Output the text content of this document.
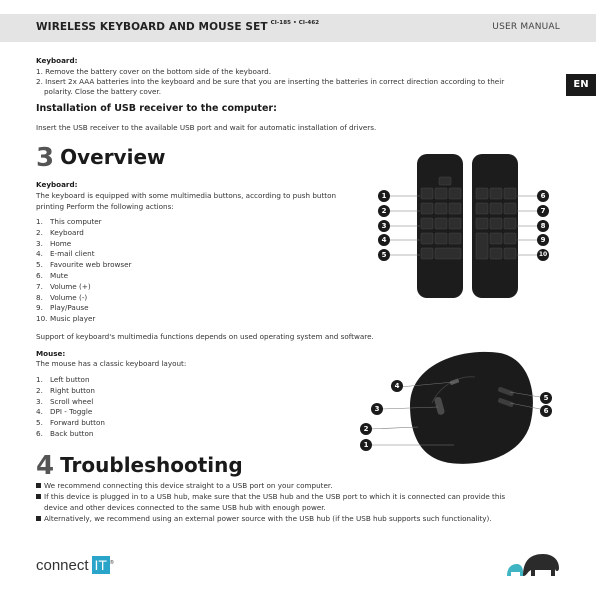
WIRELESS KEYBOARD AND MOUSE SET $^{CI-185 • CI-462}$	USER MANUAL
EN
Keyboard:
1. Remove the battery cover on the bottom side of the keyboard.
2. Insert 2x AAA batteries into the keyboard and be sure that you are inserting the batteries in correct direction according to their
polarity. Close the battery cover.
Installation of USB receiver to the computer:
Insert the USB receiver to the available USB port and wait for automatic installation of drivers.
3 Overview
Keyboard:
The keyboard is equipped with some multimedia buttons, according to push button
printing Perform the following actions:
1. This computer
2. Keyboard
3. Home
4. E-mail client
5. Favourite web browser
6. Mute
7. Volume (+)
8. Volume (-)
9. Play/Pause
10. Music player
Support of keyboard's multimedia functions depends on used operating system and software.
Mouse:
The mouse has a classic keyboard layout:
1. Left button
2. Right button
3. Scroll wheel
4. DPI - Toggle
5. Forward button
6. Back button
1
2
3
4
5
6
7
8
9
10
1
2
3
4
5
6
4 Troubleshooting
We recommend connecting this device straight to a USB port on your computer.
If this device is plugged in to a USB hub, make sure that the USB hub and the USB port to which it is connected can provide this
device and other devices connected to the same USB hub with enough power.
Alternatively, we recommend using an external power source with the USB hub (if the USB hub supports such functionality).
connect IT ®
